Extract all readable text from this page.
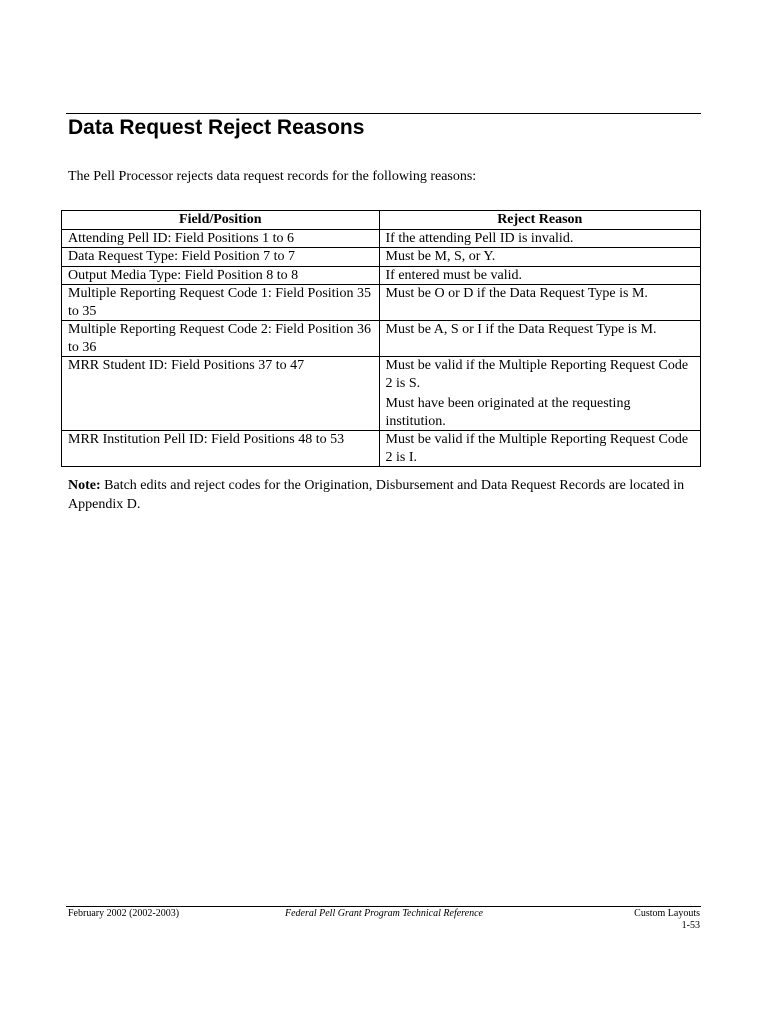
Data Request Reject Reasons

The Pell Processor rejects data request records for the following reasons:

Field/Position	Reject Reason
Attending Pell ID: Field Positions 1 to 6	If the attending Pell ID is invalid.

Data Request Type: Field Position 7 to 7	Must be M, S, or Y.

Output Media Type: Field Position 8 to 8	If entered must be valid.

Multiple Reporting Request Code 1: Field Position 35 to 35	Must be O or D if the Data Request Type is M.

Multiple Reporting Request Code 2: Field Position 36 to 36	Must be A, S or I if the Data Request Type is M.

MRR Student ID: Field Positions 37 to 47	Must be valid if the Multiple Reporting Request Code 2 is S.
Must have been originated at the requesting institution.

MRR Institution Pell ID: Field Positions 48 to 53	Must be valid if the Multiple Reporting Request Code 2 is I.

Note: Batch edits and reject codes for the Origination, Disbursement and Data Request Records are located in Appendix D.

February 2002 (2002-2003)	Federal Pell Grant Program Technical Reference	Custom Layouts
1-53
